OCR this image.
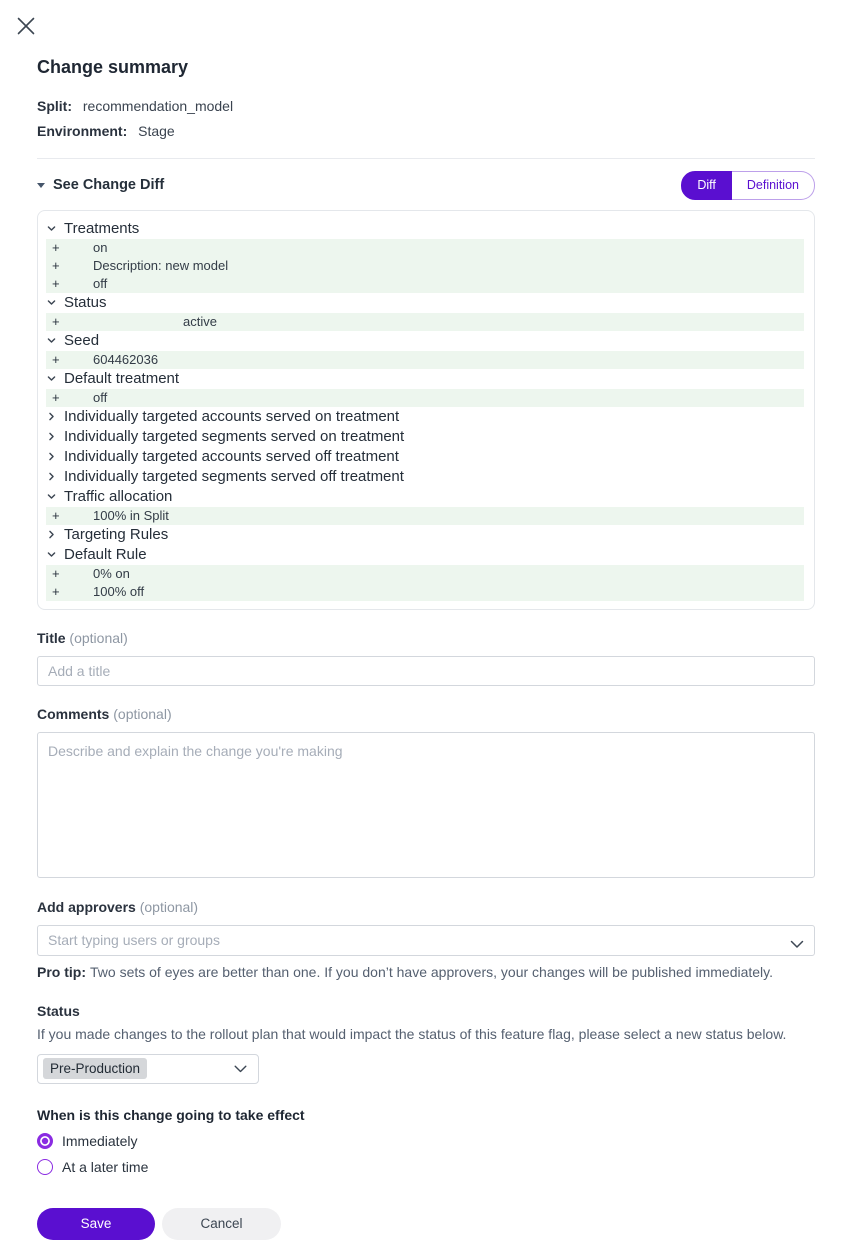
Change summary
Split: recommendation_model
Environment: Stage
See Change Diff	Diff	Definition
Treatments
+	on
+	Description: new model
+	off
Status
+	active
Seed
+	604462036
Default treatment
+	off
Individually targeted accounts served on treatment
Individually targeted segments served on treatment
Individually targeted accounts served off treatment
Individually targeted segments served off treatment
Traffic allocation
+	100% in Split
Targeting Rules
Default Rule
+	0% on
+	100% off
Title (optional)
Add a title
Comments (optional)
Describe and explain the change you're making
Add approvers (optional)
Start typing users or groups
Pro tip: Two sets of eyes are better than one. If you don’t have approvers, your changes will be published immediately.
Status
If you made changes to the rollout plan that would impact the status of this feature flag, please select a new status below.
Pre-Production
When is this change going to take effect
Immediately
At a later time
Save	Cancel
